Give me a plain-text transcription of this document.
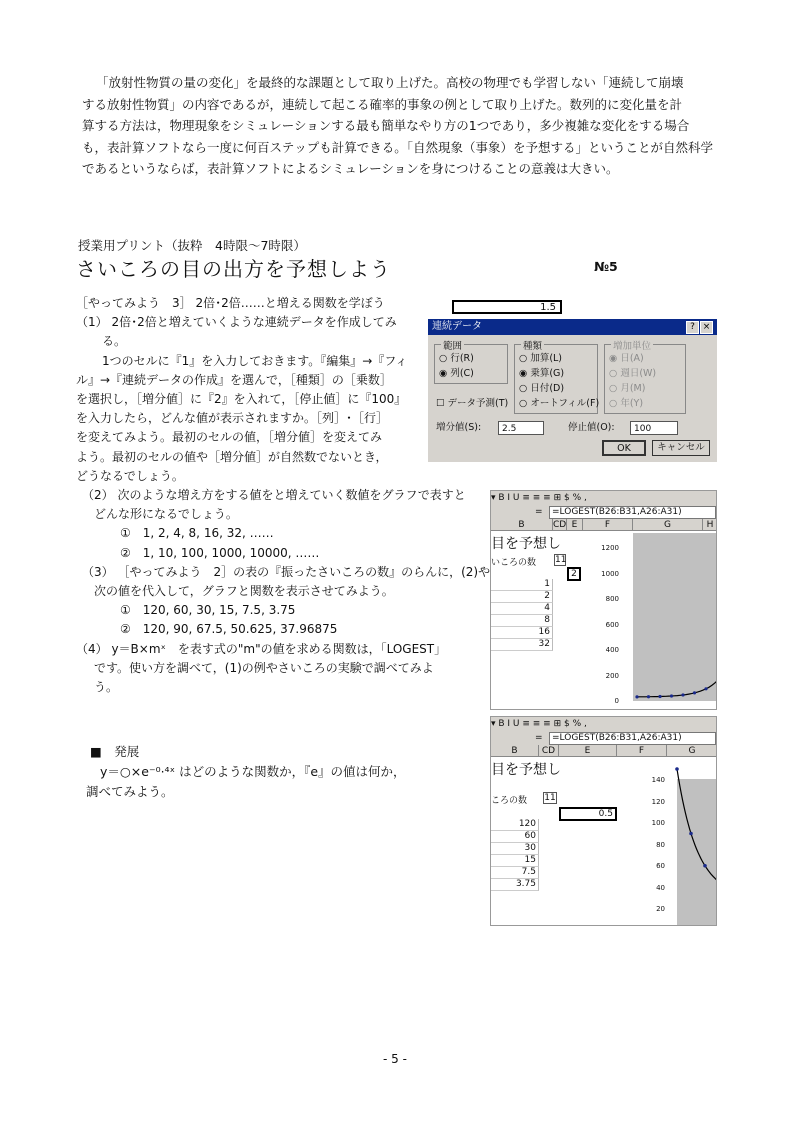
「放射性物質の量の変化」を最終的な課題として取り上げた。高校の物理でも学習しない「連続して崩壊

する放射性物質」の内容であるが，連続して起こる確率的事象の例として取り上げた。数列的に変化量を計

算する方法は，物理現象をシミュレーションする最も簡単なやり方の1つであり，多少複雑な変化をする場合

も，表計算ソフトなら一度に何百ステップも計算できる。「自然現象（事象）を予想する」ということが自然科学

であるというならば，表計算ソフトによるシミュレーションを身につけることの意義は大きい。

授業用プリント（抜粋　4時限～7時限）
さいころの目の出方を予想しよう	№5
［やってみよう　3］ 2倍･2倍……と増える関数を学ぼう
（1） 2倍･2倍と増えていくような連続データを作成してみ
る。
1つのセルに『1』を入力しておきます。『編集』→『フィ
ル』→『連続データの作成』を選んで，［種類］の［乗数］
を選択し，［増分値］に『2』を入れて，［停止値］に『100』
を入力したら，どんな値が表示されますか。［列］･［行］
を変えてみよう。最初のセルの値，［増分値］を変えてみ
よう。最初のセルの値や［増分値］が自然数でないとき，
どうなるでしょう。
（2） 次のような増え方をする値をと増えていく数値をグラフで表すと
どんな形になるでしょう。
①　1, 2, 4, 8, 16, 32, ……
②　1, 10, 100, 1000, 10000, ……
（3） ［やってみよう　2］の表の『振ったさいころの数』のらんに，(2)や
次の値を代入して，グラフと関数を表示させてみよう。
①　120, 60, 30, 15, 7.5, 3.75
②　120, 90, 67.5, 50.625, 37.96875
（4） y＝B×mˣ　を表す式の"m"の値を求める関数は，「LOGEST」
です。使い方を調べて，(1)の例やさいころの実験で調べてみよ
う。
1.5
連続データ	? ×
範囲
○ 行(R)
◉ 列(C)
種類
○ 加算(L)
◉ 乗算(G)
○ 日付(D)
○ オートフィル(F)
増加単位
◉ 日(A)
○ 週日(W)
○ 月(M)
○ 年(Y)
☐ データ予測(T)
増分値(S):	2.5	停止値(O):	100
OK	キャンセル
▾ B I U ≡ ≡ ≡ ⊞ $ % ,
=	=LOGEST(B26:B31,A26:A31)
B	CD E	F	G	H
目を予想し
いころの数 11
2
1
2
4
8
16
32
1200
1000
800
600
400
200
0
▾ B I U ≡ ≡ ≡ ⊞ $ % ,
=	=LOGEST(B26:B31,A26:A31)
B	CD	E	F	G
目を予想し
ころの数 11
0.5
120
60
30
15
7.5
3.75
140
120
100
80
60
40
20
■　発展
y＝○×e⁻⁰·⁴ˣ はどのような関数か，『e』の値は何か，
調べてみよう。
- 5 -
